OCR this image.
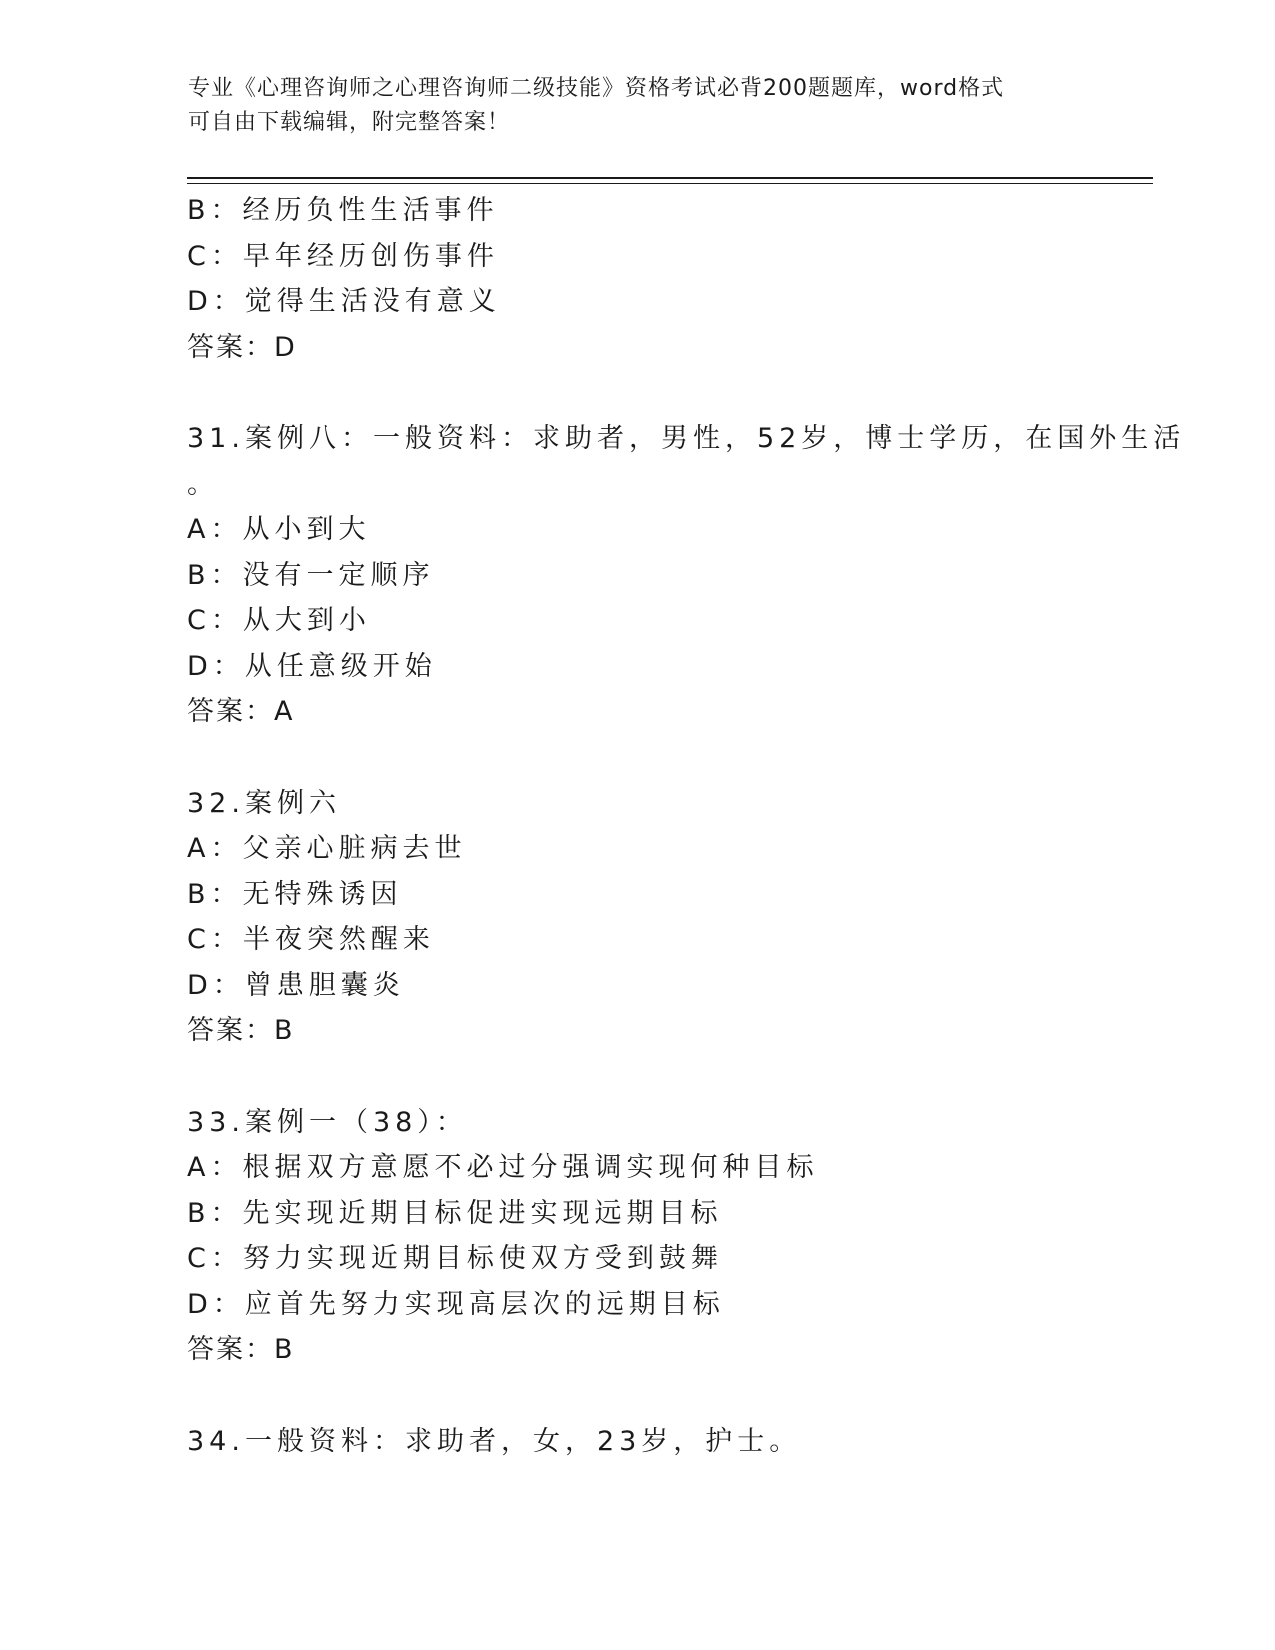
专业《心理咨询师之心理咨询师二级技能》资格考试必背200题题库，word格式
可自由下载编辑，附完整答案！
B：经历负性生活事件
C：早年经历创伤事件
D：觉得生活没有意义
答案：D
31.案例八：一般资料：求助者，男性，52岁，博士学历，在国外生活
。
A：从小到大
B：没有一定顺序
C：从大到小
D：从任意级开始
答案：A
32.案例六
A：父亲心脏病去世
B：无特殊诱因
C：半夜突然醒来
D：曾患胆囊炎
答案：B
33.案例一（38）：
A：根据双方意愿不必过分强调实现何种目标
B：先实现近期目标促进实现远期目标
C：努力实现近期目标使双方受到鼓舞
D：应首先努力实现高层次的远期目标
答案：B
34.一般资料：求助者，女，23岁，护士。
